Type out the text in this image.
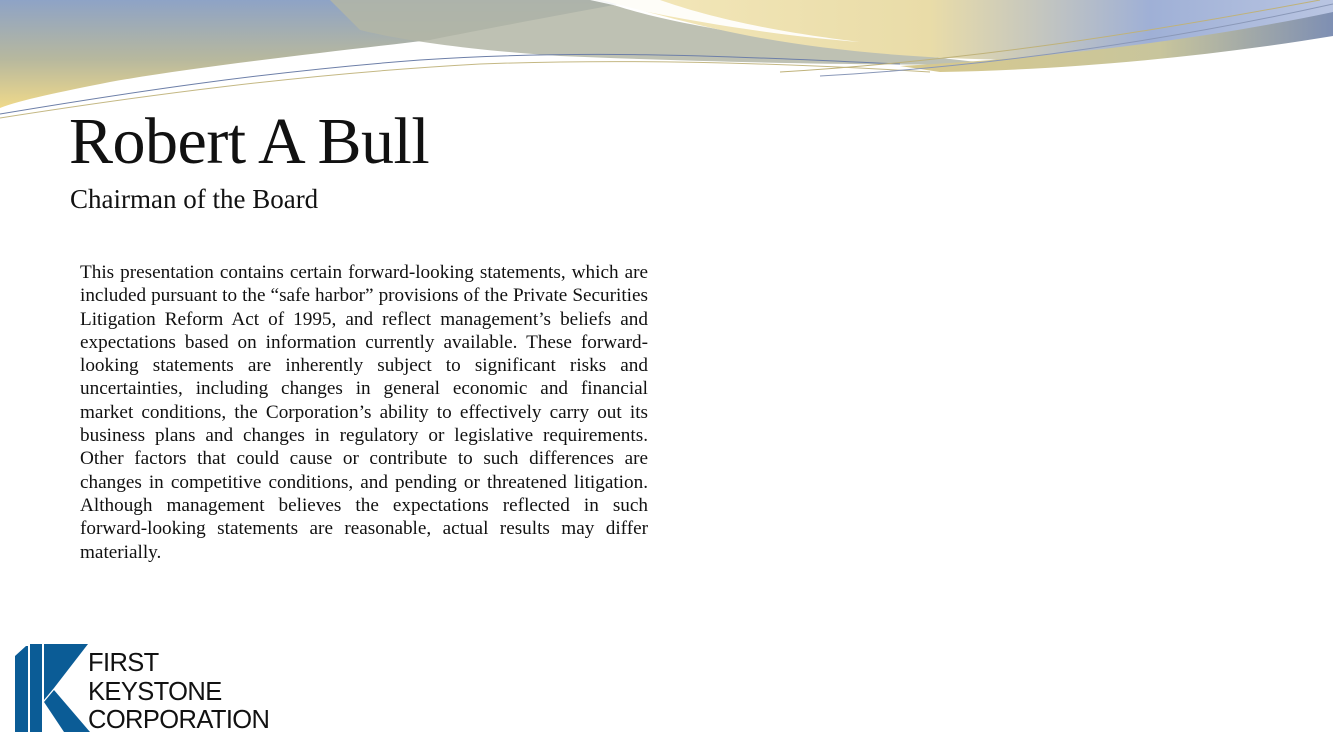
Robert A Bull
Chairman of the Board

This presentation contains certain forward-looking statements, which are included pursuant to the “safe harbor” provisions of the Private Securities Litigation Reform Act of 1995, and reflect management’s beliefs and expectations based on information currently available. These forward-looking statements are inherently subject to significant risks and uncertainties, including changes in general economic and financial market conditions, the Corporation’s ability to effectively carry out its business plans and changes in regulatory or legislative requirements. Other factors that could cause or contribute to such differences are changes in competitive conditions, and pending or threatened litigation. Although management believes the expectations reflected in such forward-looking statements are reasonable, actual results may differ materially.

FIRST
KEYSTONE
CORPORATION
